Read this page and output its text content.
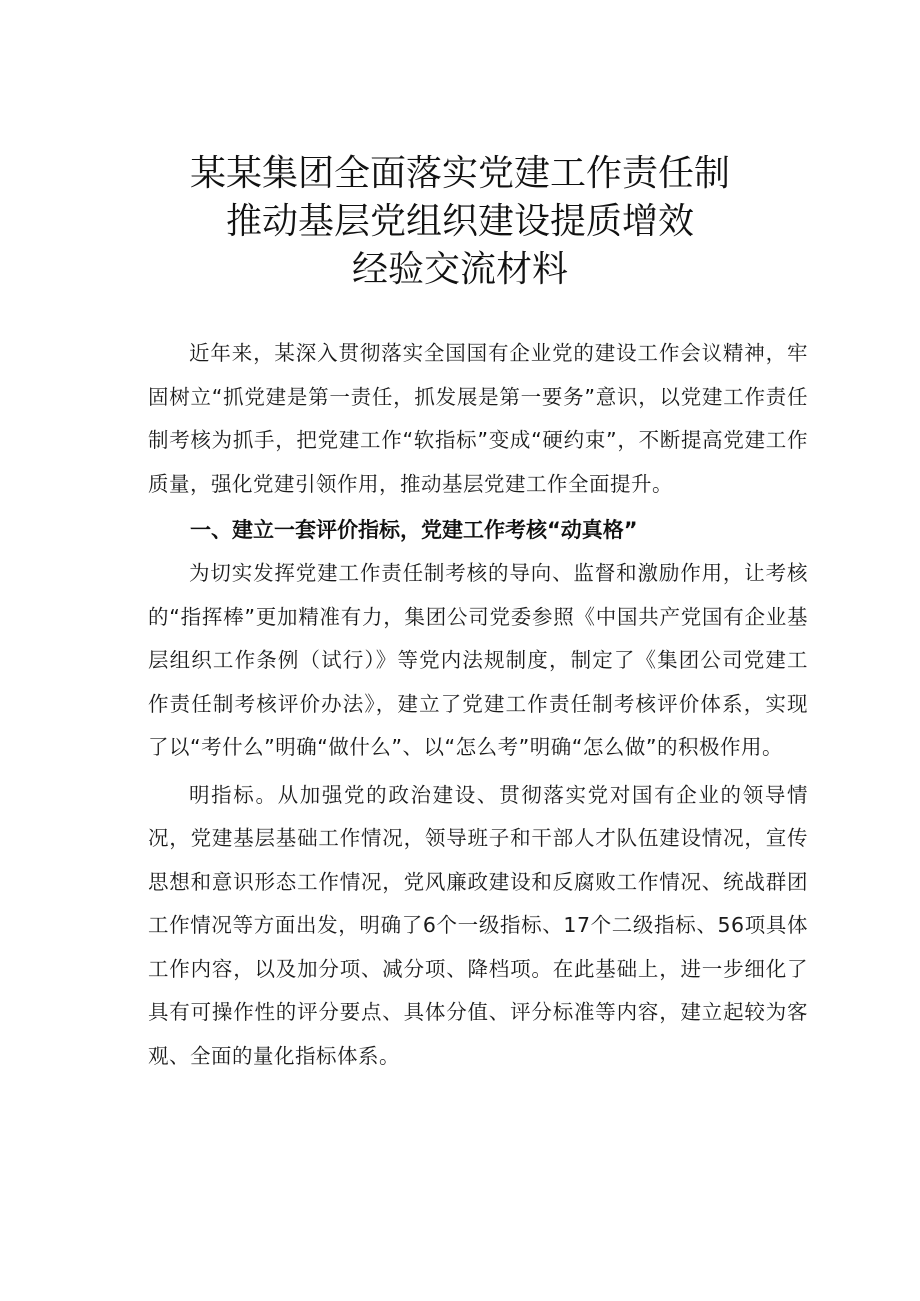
某某集团全面落实党建工作责任制
推动基层党组织建设提质增效
经验交流材料

近年来，某深入贯彻落实全国国有企业党的建设工作会议精神，牢固树立“抓党建是第一责任，抓发展是第一要务”意识，以党建工作责任制考核为抓手，把党建工作“软指标”变成“硬约束”，不断提高党建工作质量，强化党建引领作用，推动基层党建工作全面提升。

一、建立一套评价指标，党建工作考核“动真格”

为切实发挥党建工作责任制考核的导向、监督和激励作用，让考核的“指挥棒”更加精准有力，集团公司党委参照《中国共产党国有企业基层组织工作条例（试行）》等党内法规制度，制定了《集团公司党建工作责任制考核评价办法》，建立了党建工作责任制考核评价体系，实现了以“考什么”明确“做什么”、以“怎么考”明确“怎么做”的积极作用。

明指标。从加强党的政治建设、贯彻落实党对国有企业的领导情况，党建基层基础工作情况，领导班子和干部人才队伍建设情况，宣传思想和意识形态工作情况，党风廉政建设和反腐败工作情况、统战群团工作情况等方面出发，明确了6个一级指标、17个二级指标、56项具体工作内容，以及加分项、减分项、降档项。在此基础上，进一步细化了具有可操作性的评分要点、具体分值、评分标准等内容，建立起较为客观、全面的量化指标体系。
